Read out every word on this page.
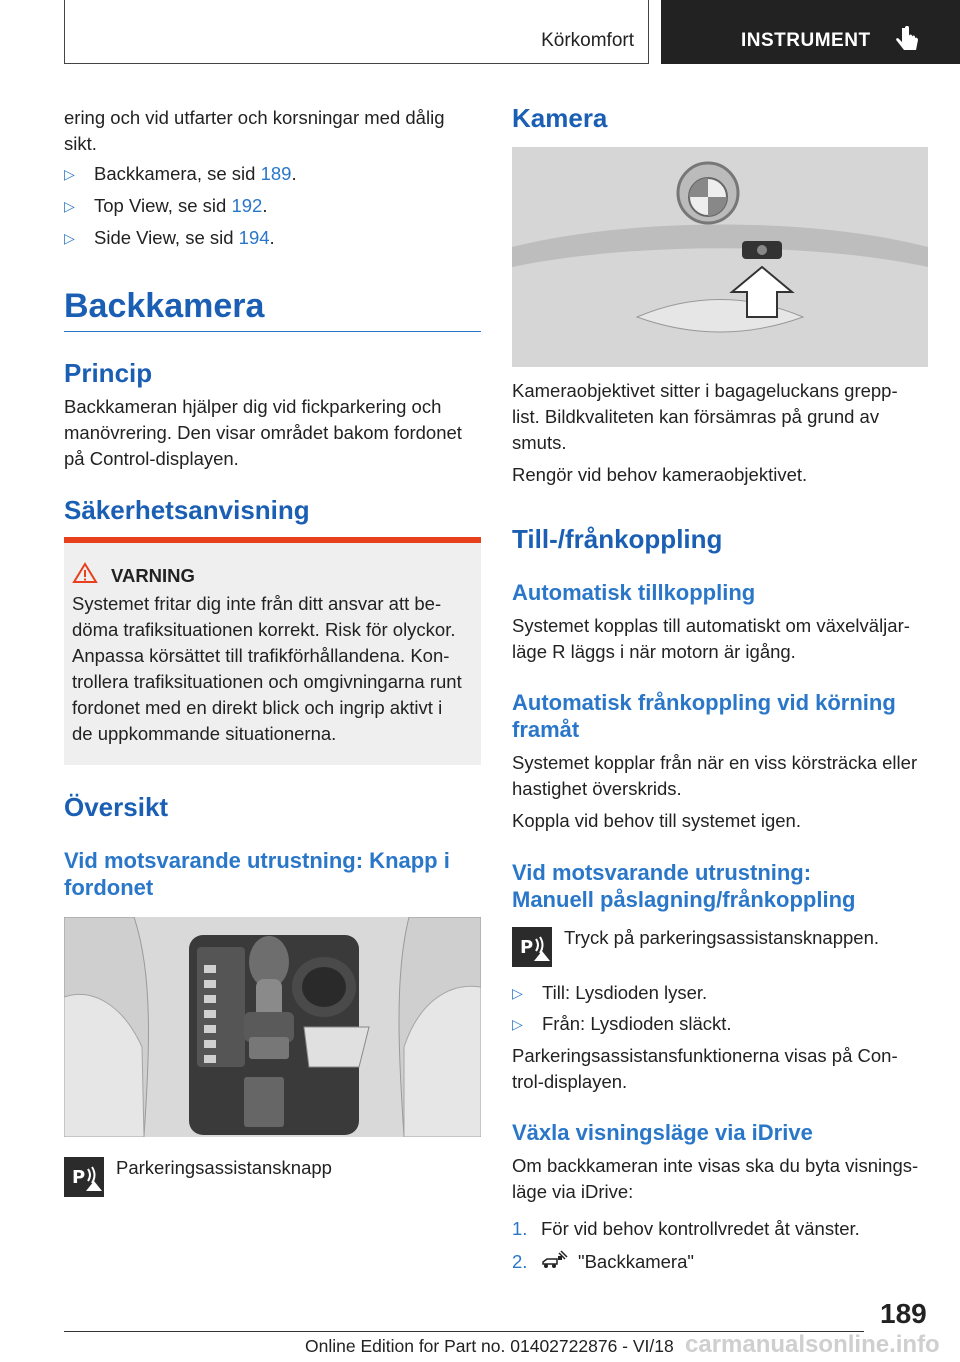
Körkomfort	INSTRUMENT
ering och vid utfarter och korsningar med dålig
sikt.
▷ Backkamera, se sid 189.
▷ Top View, se sid 192.
▷ Side View, se sid 194.
Backkamera
Princip
Backkameran hjälper dig vid fickparkering och
manövrering. Den visar området bakom fordonet
på Control-displayen.
Säkerhetsanvisning
VARNING
Systemet fritar dig inte från ditt ansvar att be-
döma trafiksituationen korrekt. Risk för olyckor.
Anpassa körsättet till trafikförhållandena. Kon-
trollera trafiksituationen och omgivningarna runt
fordonet med en direkt blick och ingrip aktivt i
de uppkommande situationerna.
Översikt
Vid motsvarande utrustning: Knapp i
fordonet
P Parkeringsassistansknapp
Kamera
Kameraobjektivet sitter i bagageluckans grepp-
list. Bildkvaliteten kan försämras på grund av
smuts.
Rengör vid behov kameraobjektivet.
Till-/frånkoppling
Automatisk tillkoppling
Systemet kopplas till automatiskt om växelväljar-
läge R läggs i när motorn är igång.
Automatisk frånkoppling vid körning
framåt
Systemet kopplar från när en viss körsträcka eller
hastighet överskrids.
Koppla vid behov till systemet igen.
Vid motsvarande utrustning:
Manuell påslagning/frånkoppling
P Tryck på parkeringsassistansknappen.
▷ Till: Lysdioden lyser.
▷ Från: Lysdioden släckt.
Parkeringsassistansfunktionerna visas på Con-
trol-displayen.
Växla visningsläge via iDrive
Om backkameran inte visas ska du byta visnings-
läge via iDrive:
1. För vid behov kontrollvredet åt vänster.
2.	"Backkamera"
189
Online Edition for Part no. 01402722876 - VI/18 carmanualsonline.info
